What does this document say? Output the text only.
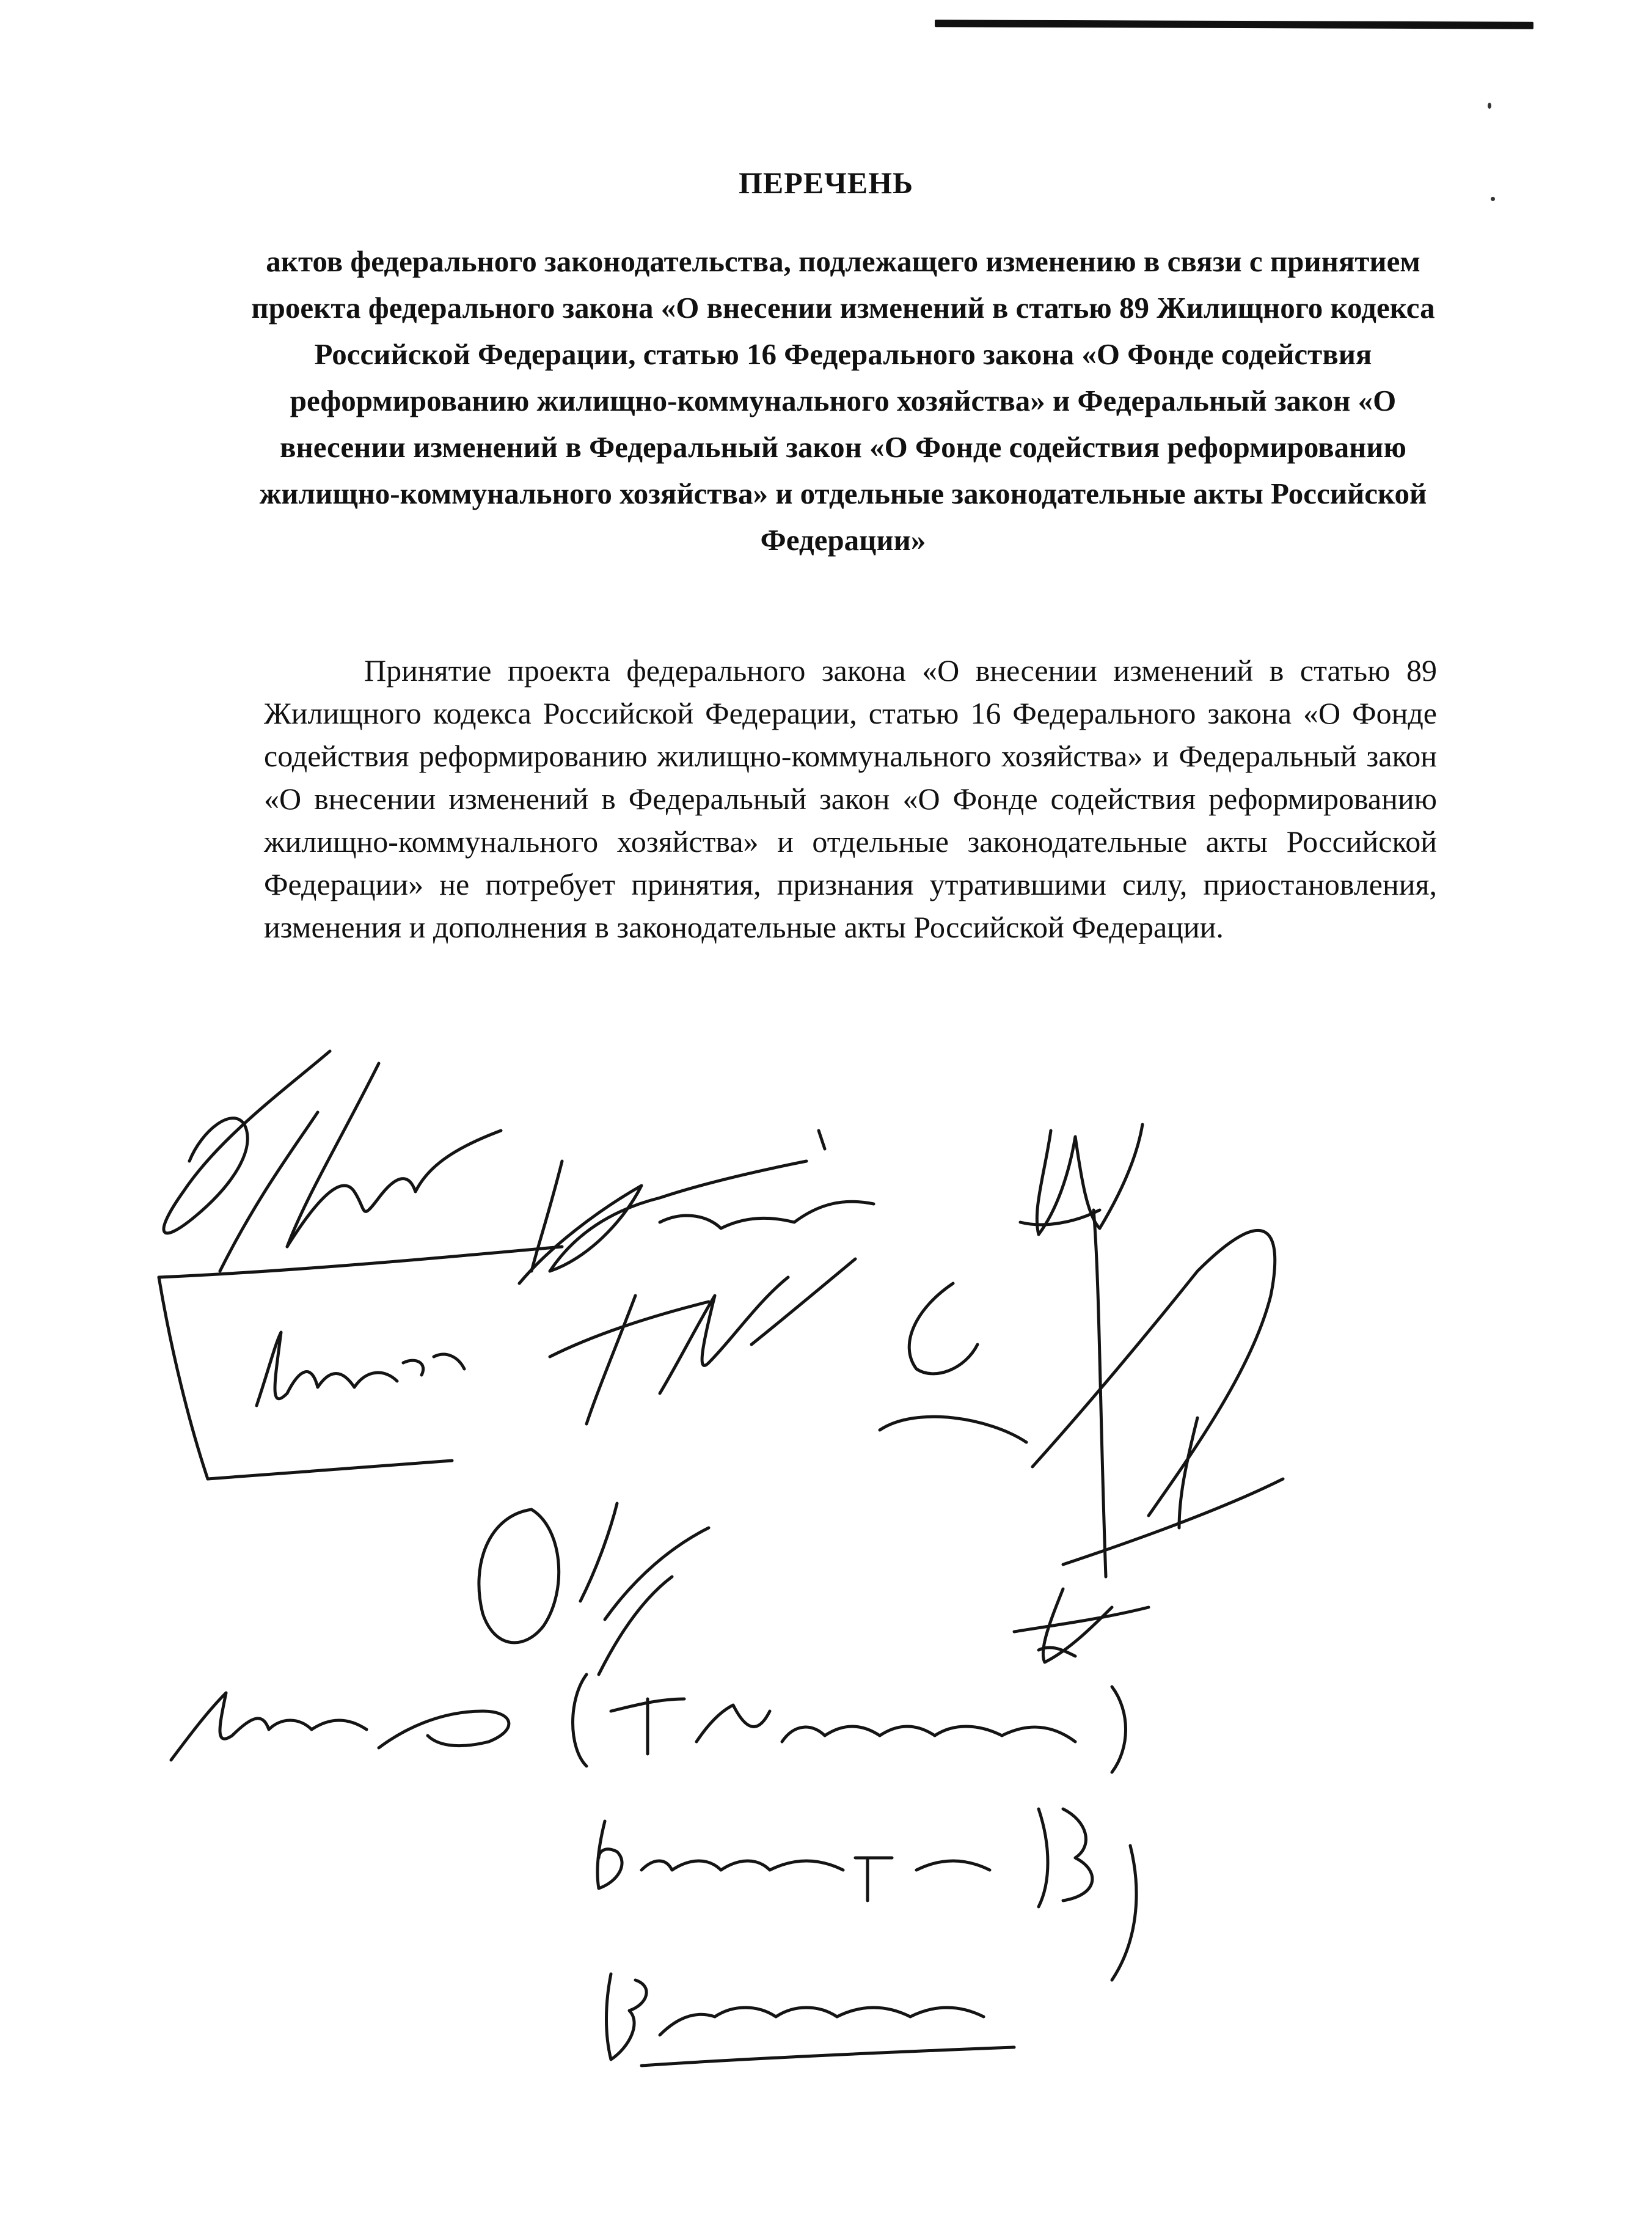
ПЕРЕЧЕНЬ

актов федерального законодательства, подлежащего изменению в связи с принятием проекта федерального закона «О внесении изменений в статью 89 Жилищного кодекса Российской Федерации, статью 16 Федерального закона «О Фонде содействия реформированию жилищно-коммунального хозяйства» и Федеральный закон «О внесении изменений в Федеральный закон «О Фонде содействия реформированию жилищно-коммунального хозяйства» и отдельные законодательные акты Российской Федерации»

Принятие проекта федерального закона «О внесении изменений в статью 89 Жилищного кодекса Российской Федерации, статью 16 Федерального закона «О Фонде содействия реформированию жилищно-коммунального хозяйства» и Федеральный закон «О внесении изменений в Федеральный закон «О Фонде содействия реформированию жилищно-коммунального хозяйства» и отдельные законодательные акты Российской Федерации» не потребует принятия, признания утратившими силу, приостановления, изменения и дополнения в законодательные акты Российской Федерации.
